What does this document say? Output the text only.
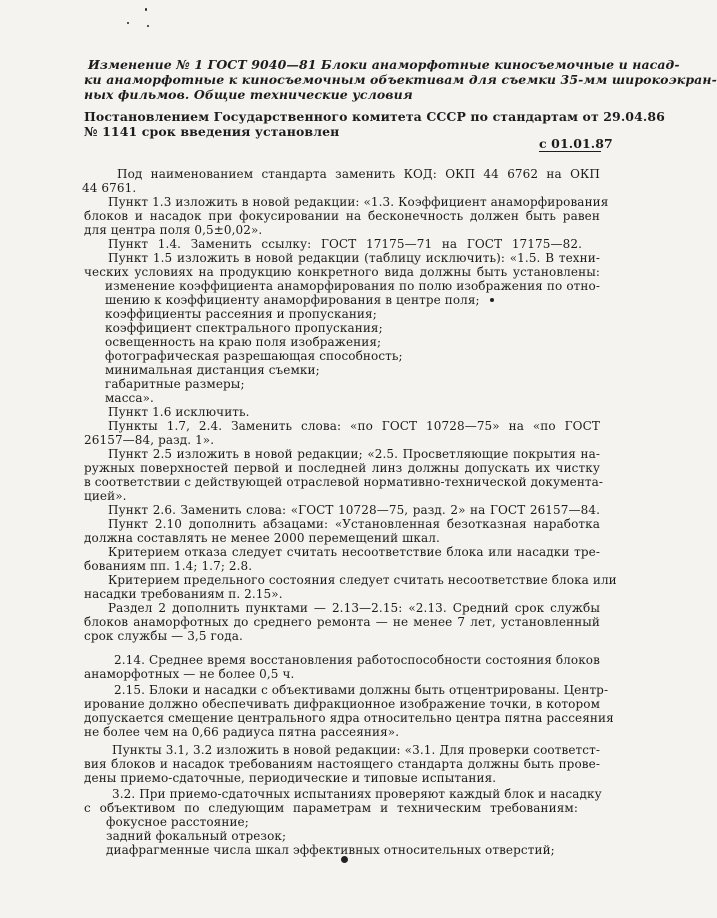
Изменение № 1 ГОСТ 9040—81 Блоки анаморфотные киносъемочные и насад-
ки анаморфотные к киносъемочным объективам для съемки 35-мм широкоэкран-
ных фильмов. Общие технические условия
Постановлением Государственного комитета СССР по стандартам от 29.04.86
№ 1141 срок введения установлен
с 01.01.87
Под наименованием стандарта заменить КОД: ОКП 44 6762 на ОКП
44 6761.
Пункт 1.3 изложить в новой редакции: «1.3. Коэффициент анаморфирования
блоков и насадок при фокусировании на бесконечность должен быть равен
для центра поля 0,5±0,02».
Пункт 1.4. Заменить ссылку: ГОСТ 17175—71 на ГОСТ 17175—82.
Пункт 1.5 изложить в новой редакции (таблицу исключить): «1.5. В техни-
ческих условиях на продукцию конкретного вида должны быть установлены:
изменение коэффициента анаморфирования по полю изображения по отно-
шению к коэффициенту анаморфирования в центре поля;
коэффициенты рассеяния и пропускания;
коэффициент спектрального пропускания;
освещенность на краю поля изображения;
фотографическая разрешающая способность;
минимальная дистанция съемки;
габаритные размеры;
масса».
Пункт 1.6 исключить.
Пункты 1.7, 2.4. Заменить слова: «по ГОСТ 10728—75» на «по ГОСТ
26157—84, разд. 1».
Пункт 2.5 изложить в новой редакции; «2.5. Просветляющие покрытия на-
ружных поверхностей первой и последней линз должны допускать их чистку
в соответствии с действующей отраслевой нормативно-технической документа-
цией».
Пункт 2.6. Заменить слова: «ГОСТ 10728—75, разд. 2» на ГОСТ 26157—84.
Пункт 2.10 дополнить абзацами: «Установленная безотказная наработка
должна составлять не менее 2000 перемещений шкал.
Критерием отказа следует считать несоответствие блока или насадки тре-
бованиям пп. 1.4; 1.7; 2.8.
Критерием предельного состояния следует считать несоответствие блока или
насадки требованиям п. 2.15».
Раздел 2 дополнить пунктами — 2.13—2.15: «2.13. Средний срок службы
блоков анаморфотных до среднего ремонта — не менее 7 лет, установленный
срок службы — 3,5 года.
2.14. Среднее время восстановления работоспособности состояния блоков
анаморфотных — не более 0,5 ч.
2.15. Блоки и насадки с объективами должны быть отцентрированы. Центр-
ирование должно обеспечивать дифракционное изображение точки, в котором
допускается смещение центрального ядра относительно центра пятна рассеяния
не более чем на 0,66 радиуса пятна рассеяния».
Пункты 3.1, 3.2 изложить в новой редакции: «3.1. Для проверки соответст-
вия блоков и насадок требованиям настоящего стандарта должны быть прове-
дены приемо-сдаточные, периодические и типовые испытания.
3.2. При приемо-сдаточных испытаниях проверяют каждый блок и насадку
с объективом по следующим параметрам и техническим требованиям:
фокусное расстояние;
задний фокальный отрезок;
диафрагменные числа шкал эффективных относительных отверстий;
